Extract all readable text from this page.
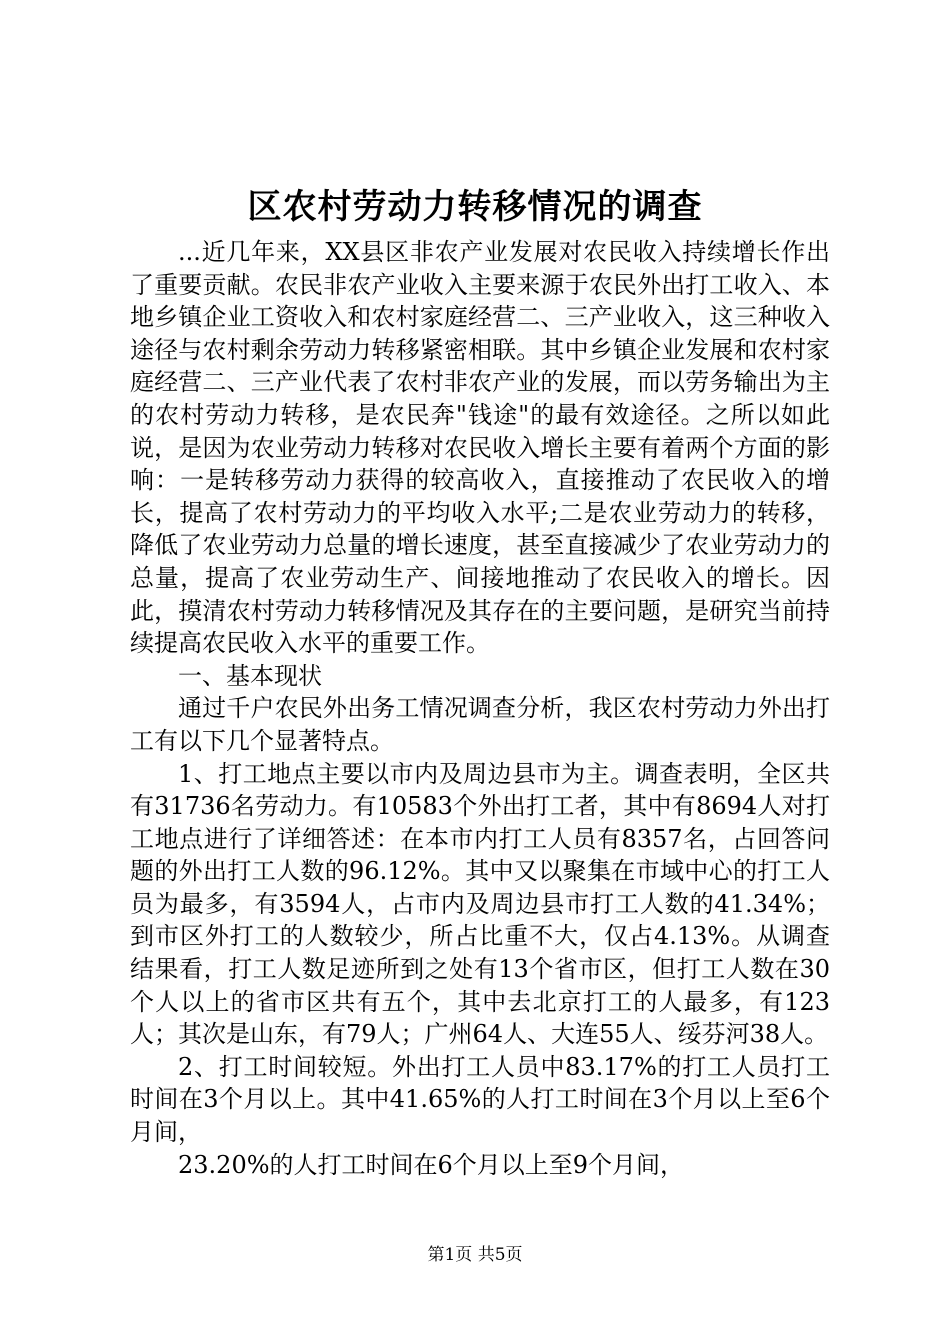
区农村劳动力转移情况的调查

...近几年来，XX县区非农产业发展对农民收入持续增长作出了重要贡献。农民非农产业收入主要来源于农民外出打工收入、本地乡镇企业工资收入和农村家庭经营二、三产业收入，这三种收入途径与农村剩余劳动力转移紧密相联。其中乡镇企业发展和农村家庭经营二、三产业代表了农村非农产业的发展，而以劳务输出为主的农村劳动力转移，是农民奔"钱途"的最有效途径。之所以如此说，是因为农业劳动力转移对农民收入增长主要有着两个方面的影响：一是转移劳动力获得的较高收入，直接推动了农民收入的增长，提高了农村劳动力的平均收入水平;二是农业劳动力的转移，降低了农业劳动力总量的增长速度，甚至直接减少了农业劳动力的总量，提高了农业劳动生产、间接地推动了农民收入的增长。因此，摸清农村劳动力转移情况及其存在的主要问题，是研究当前持续提高农民收入水平的重要工作。

一、基本现状

通过千户农民外出务工情况调查分析，我区农村劳动力外出打工有以下几个显著特点。

1、打工地点主要以市内及周边县市为主。调查表明，全区共有31736名劳动力。有10583个外出打工者，其中有8694人对打工地点进行了详细答述：在本市内打工人员有8357名，占回答问题的外出打工人数的96.12%。其中又以聚集在市域中心的打工人员为最多，有3594人，占市内及周边县市打工人数的41.34%；到市区外打工的人数较少，所占比重不大，仅占4.13%。从调查结果看，打工人数足迹所到之处有13个省市区，但打工人数在30个人以上的省市区共有五个，其中去北京打工的人最多，有123人；其次是山东，有79人；广州64人、大连55人、绥芬河38人。

2、打工时间较短。外出打工人员中83.17%的打工人员打工时间在3个月以上。其中41.65%的人打工时间在3个月以上至6个月间，

23.20%的人打工时间在6个月以上至9个月间，

第1页 共5页
